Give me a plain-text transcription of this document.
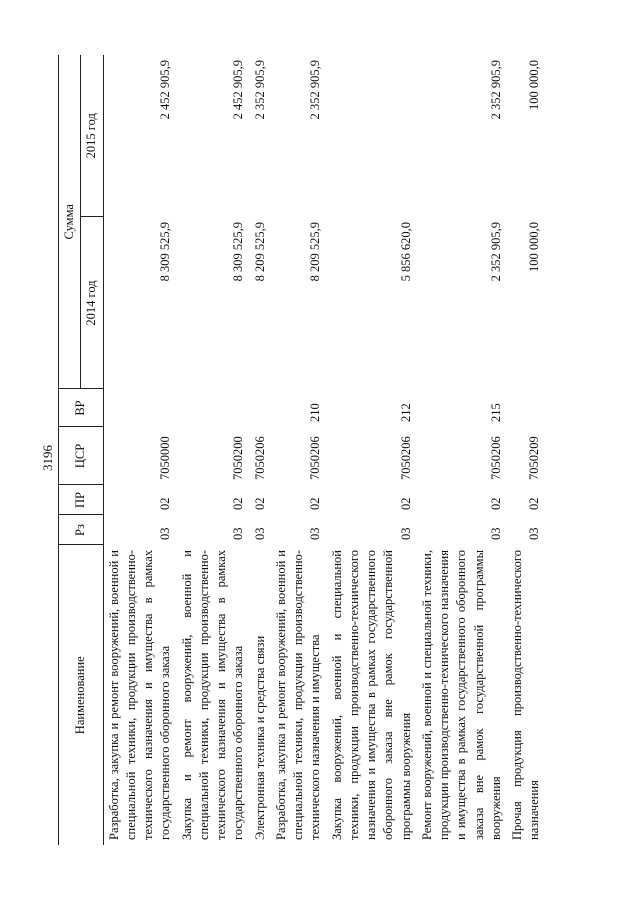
3196
Наименование	Рз	ПР	ЦСР	ВР	Сумма	
					2014 год	2015 год
Разработка, закупка и ремонт вооружений, военной и специальной техники, продукции производственно-технического назначения и имущества в рамках государственного оборонного заказа	03	02	7050000		8 309 525,9	2 452 905,9
Закупка и ремонт вооружений, военной и специальной техники, продукции производственно-технического назначения и имущества в рамках государственного оборонного заказа	03	02	7050200		8 309 525,9	2 452 905,9
Электронная техника и средства связи	03	02	7050206		8 209 525,9	2 352 905,9
Разработка, закупка и ремонт вооружений, военной и специальной техники, продукции производственно-технического назначения и имущества	03	02	7050206	210	8 209 525,9	2 352 905,9
Закупка вооружений, военной и специальной техники, продукции производственно-технического назначения и имущества в рамках государственного оборонного заказа вне рамок государственной программы вооружения	03	02	7050206	212	5 856 620,0	
Ремонт вооружений, военной и специальной техники, продукции производственно-технического назначения и имущества в рамках государственного оборонного заказа вне рамок государственной программы вооружения	03	02	7050206	215	2 352 905,9	2 352 905,9
Прочая продукция производственно-технического назначения	03	02	7050209		100 000,0	100 000,0
